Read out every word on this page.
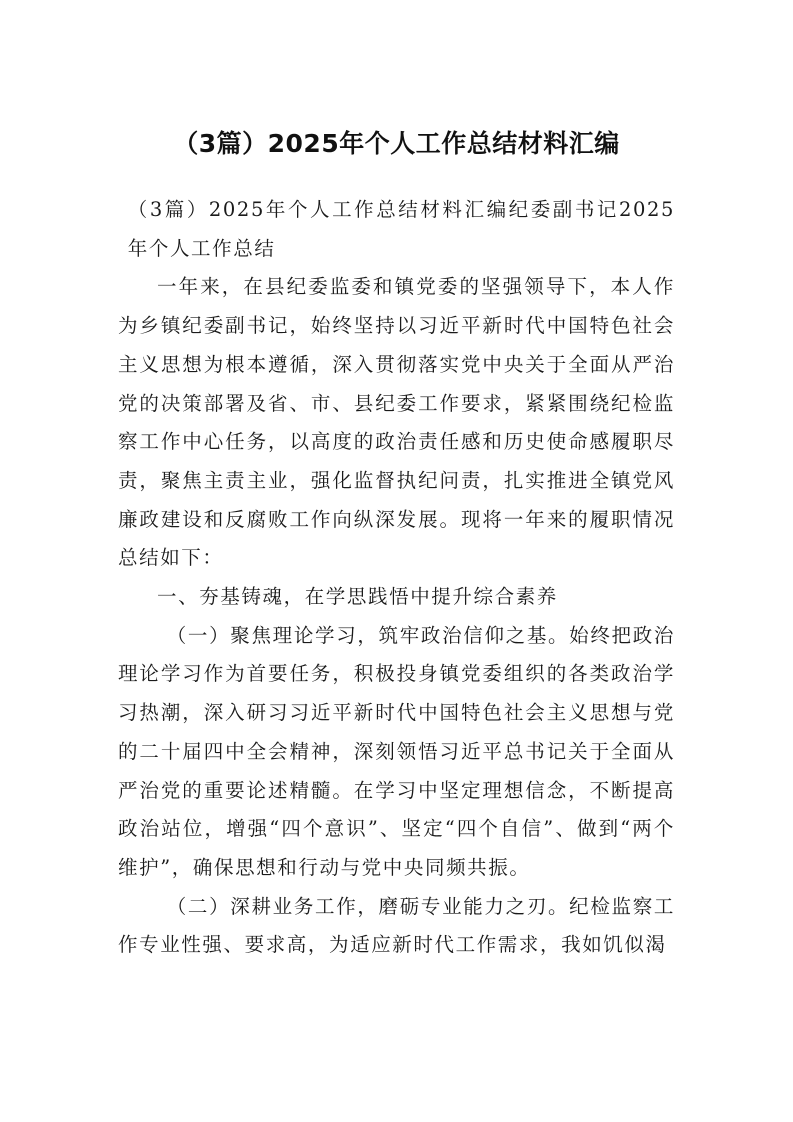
（3篇）2025年个人工作总结材料汇编

（3篇）2025年个人工作总结材料汇编纪委副书记2025年个人工作总结

一年来，在县纪委监委和镇党委的坚强领导下，本人作为乡镇纪委副书记，始终坚持以习近平新时代中国特色社会主义思想为根本遵循，深入贯彻落实党中央关于全面从严治党的决策部署及省、市、县纪委工作要求，紧紧围绕纪检监察工作中心任务，以高度的政治责任感和历史使命感履职尽责，聚焦主责主业，强化监督执纪问责，扎实推进全镇党风廉政建设和反腐败工作向纵深发展。现将一年来的履职情况总结如下：

一、夯基铸魂，在学思践悟中提升综合素养

（一）聚焦理论学习，筑牢政治信仰之基。始终把政治理论学习作为首要任务，积极投身镇党委组织的各类政治学习热潮，深入研习习近平新时代中国特色社会主义思想与党的二十届四中全会精神，深刻领悟习近平总书记关于全面从严治党的重要论述精髓。在学习中坚定理想信念，不断提高政治站位，增强“四个意识”、坚定“四个自信”、做到“两个维护”，确保思想和行动与党中央同频共振。

（二）深耕业务工作，磨砺专业能力之刃。纪检监察工作专业性强、要求高，为适应新时代工作需求，我如饥似渴
